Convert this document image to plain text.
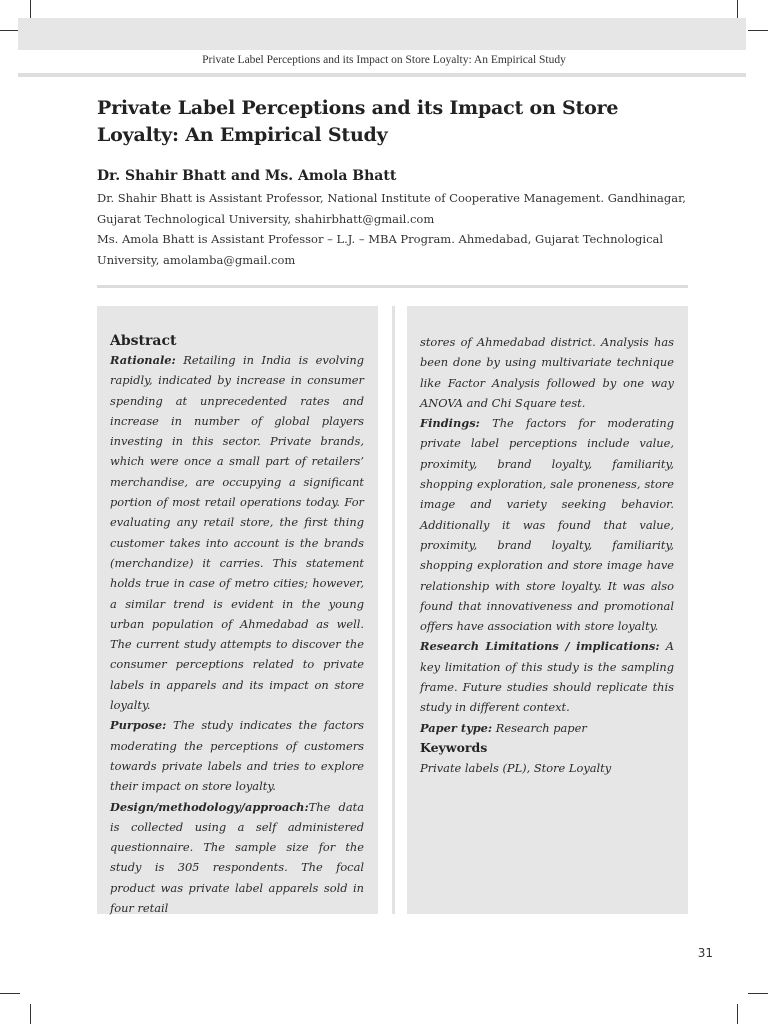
Private Label Perceptions and its Impact on Store Loyalty: An Empirical Study
Private Label Perceptions and its Impact on Store Loyalty: An Empirical Study

Dr. Shahir Bhatt and Ms. Amola Bhatt

Dr. Shahir Bhatt is Assistant Professor, National Institute of Cooperative Management. Gandhinagar, Gujarat Technological University, shahirbhatt@gmail.com

Ms. Amola Bhatt is Assistant Professor – L.J. – MBA Program. Ahmedabad, Gujarat Technological University, amolamba@gmail.com

Abstract

Rationale: Retailing in India is evolving rapidly, indicated by increase in consumer spending at unprecedented rates and increase in number of global players investing in this sector. Private brands, which were once a small part of retailers’ merchandise, are occupying a significant portion of most retail operations today. For evaluating any retail store, the first thing customer takes into account is the brands (merchandize) it carries. This statement holds true in case of metro cities; however, a similar trend is evident in the young urban population of Ahmedabad as well. The current study attempts to discover the consumer perceptions related to private labels in apparels and its impact on store loyalty.

Purpose: The study indicates the factors moderating the perceptions of customers towards private labels and tries to explore their impact on store loyalty.

Design/methodology/approach:The data is collected using a self administered questionnaire. The sample size for the study is 305 respondents. The focal product was private label apparels sold in four retail

stores of Ahmedabad district. Analysis has been done by using multivariate technique like Factor Analysis followed by one way ANOVA and Chi Square test.

Findings: The factors for moderating private label perceptions include value, proximity, brand loyalty, familiarity, shopping exploration, sale proneness, store image and variety seeking behavior. Additionally it was found that value, proximity, brand loyalty, familiarity, shopping exploration and store image have relationship with store loyalty. It was also found that innovativeness and promotional offers have association with store loyalty.

Research Limitations / implications: A key limitation of this study is the sampling frame. Future studies should replicate this study in different context.

Paper type: Research paper

Keywords

Private labels (PL), Store Loyalty

31
